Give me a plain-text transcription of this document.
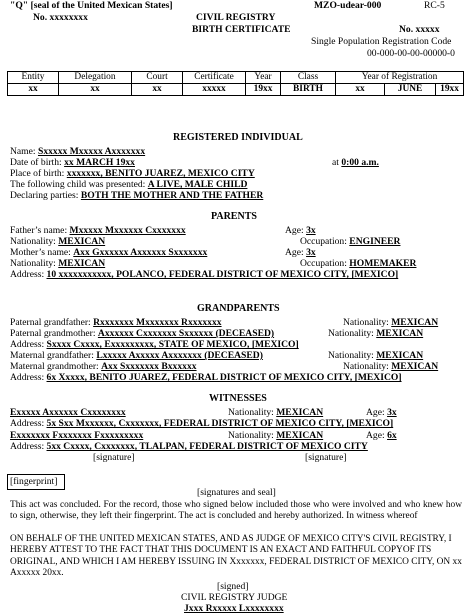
"Q" [seal of the United Mexican States]
No. xxxxxxxx
MZO-udear-000	RC-5
CIVIL REGISTRY
BIRTH CERTIFICATE	No. xxxxx
Single Population Registration Code
00-000-00-00-00000-0
Entity	Delegation	Court	Certificate	Year	Class	Year of Registration		
xx	xx	xx	xxxxx	19xx	BIRTH	xx	JUNE	19xx
REGISTERED INDIVIDUAL
Name: Sxxxxx Mxxxxx Axxxxxxx
Date of birth: xx MARCH 19xx	at 0:00 a.m.
Place of birth: xxxxxxx, BENITO JUAREZ, MEXICO CITY
The following child was presented: A LIVE, MALE CHILD
Declaring parties: BOTH THE MOTHER AND THE FATHER
PARENTS
Father’s name: Mxxxxx Mxxxxxx Cxxxxxxx	Age: 3x
Nationality: MEXICAN	Occupation: ENGINEER
Mother’s name: Axx Gxxxxxx Axxxxxx Sxxxxxxx	Age: 3x
Nationality: MEXICAN	Occupation: HOMEMAKER
Address: 10 xxxxxxxxxxx, POLANCO, FEDERAL DISTRICT OF MEXICO CITY, [MEXICO]
GRANDPARENTS
Paternal grandfather: Rxxxxxxx Mxxxxxxx Rxxxxxxx	Nationality: MEXICAN
Paternal grandmother: Axxxxxx Cxxxxxxx Sxxxxxx (DECEASED)	Nationality: MEXICAN
Address: Sxxxx Cxxxx, Exxxxxxxxx, STATE OF MEXICO, [MEXICO]
Maternal grandfather: Lxxxxx Axxxxx Axxxxxxx (DECEASED)	Nationality: MEXICAN
Maternal grandmother: Axx Sxxxxxxx Bxxxxxx	Nationality: MEXICAN
Address: 6x Xxxxx, BENITO JUAREZ, FEDERAL DISTRICT OF MEXICO CITY, [MEXICO]
WITNESSES
Exxxxx Axxxxxx Cxxxxxxxx	Nationality: MEXICAN	Age: 3x
Address: 5x Sxx Mxxxxxx, Cxxxxxxx, FEDERAL DISTRICT OF MEXICO CITY, [MEXICO]
Exxxxxxx Fxxxxxxx Fxxxxxxxxx	Nationality: MEXICAN	Age: 6x
Address: 5xx Cxxxx, Cxxxxxxx, TLALPAN, FEDERAL DISTRICT OF MEXICO CITY
[signature]	[signature]
[fingerprint]
[signatures and seal]
This act was concluded. For the record, those who signed below included those who were involved and who knew how to sign, otherwise, they left their fingerprint. The act is concluded and hereby authorized. In witness whereof
ON BEHALF OF THE UNITED MEXICAN STATES, AND AS JUDGE OF MEXICO CITY'S CIVIL REGISTRY, I HEREBY ATTEST TO THE FACT THAT THIS DOCUMENT IS AN EXACT AND FAITHFUL COPYOF ITS ORIGINAL, AND WHICH I AM HEREBY ISSUING IN Xxxxxxx, FEDERAL DISTRICT OF MEXICO CITY, ON xx Axxxxx 20xx.
[signed]
CIVIL REGISTRY JUDGE
Jxxx Rxxxxx Lxxxxxxxx
